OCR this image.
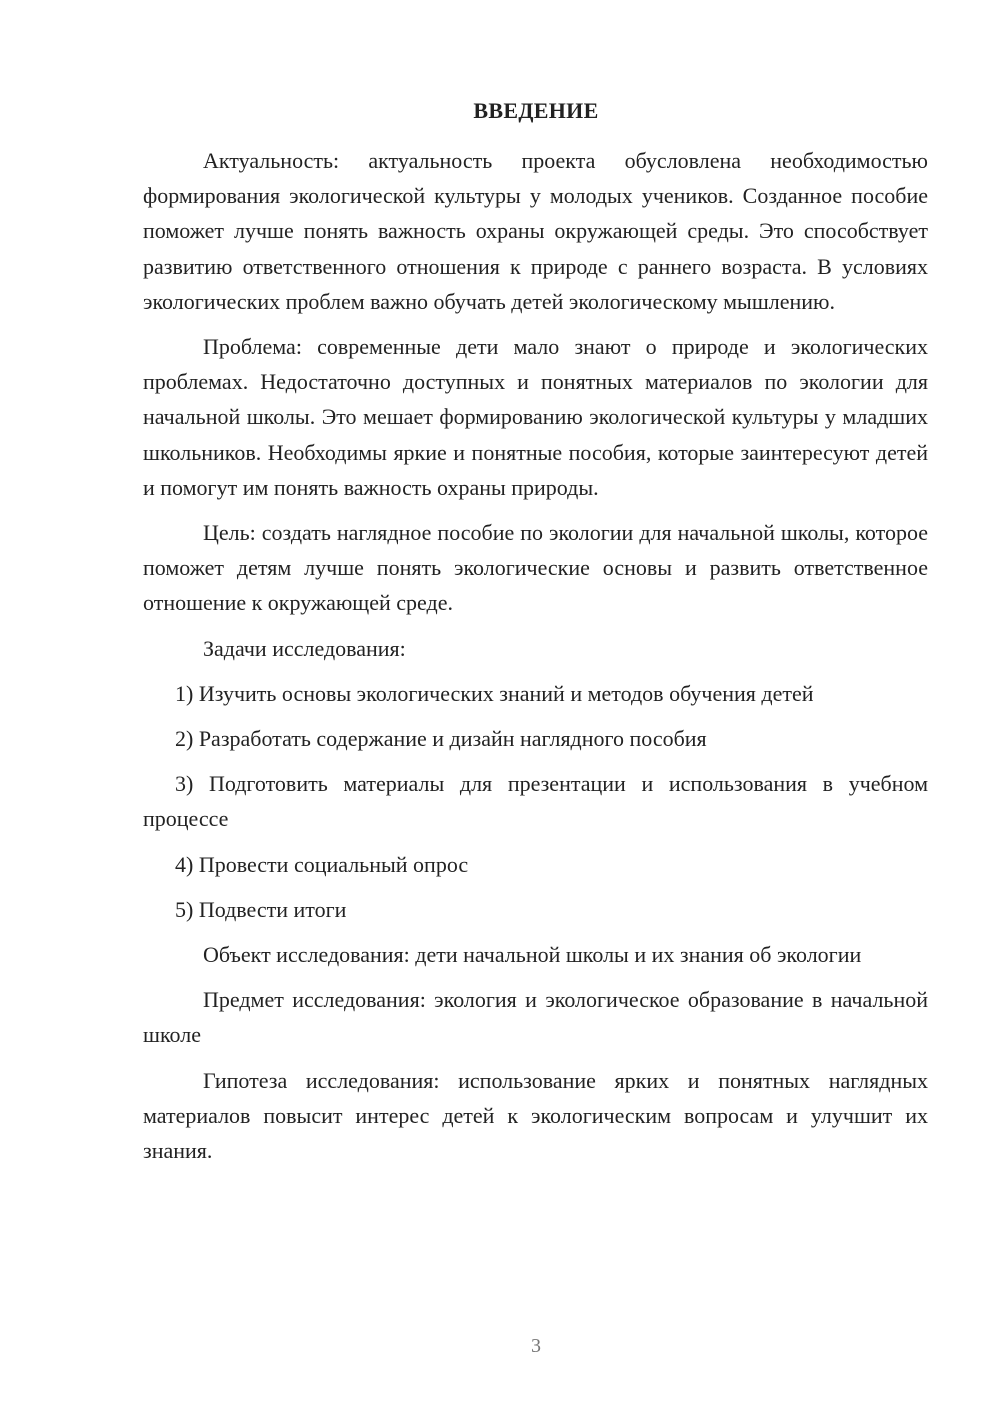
ВВЕДЕНИЕ

Актуальность: актуальность проекта обусловлена необходимостью формирования экологической культуры у молодых учеников. Созданное пособие поможет лучше понять важность охраны окружающей среды. Это способствует развитию ответственного отношения к природе с раннего возраста. В условиях экологических проблем важно обучать детей экологическому мышлению.

Проблема: современные дети мало знают о природе и экологических проблемах. Недостаточно доступных и понятных материалов по экологии для начальной школы. Это мешает формированию экологической культуры у младших школьников. Необходимы яркие и понятные пособия, которые заинтересуют детей и помогут им понять важность охраны природы.

Цель: создать наглядное пособие по экологии для начальной школы, которое поможет детям лучше понять экологические основы и развить ответственное отношение к окружающей среде.

Задачи исследования:

1) Изучить основы экологических знаний и методов обучения детей

2) Разработать содержание и дизайн наглядного пособия

3) Подготовить материалы для презентации и использования в учебном процессе

4) Провести социальный опрос

5) Подвести итоги

Объект исследования: дети начальной школы и их знания об экологии

Предмет исследования: экология и экологическое образование в начальной школе

Гипотеза исследования: использование ярких и понятных наглядных материалов повысит интерес детей к экологическим вопросам и улучшит их знания.

3
